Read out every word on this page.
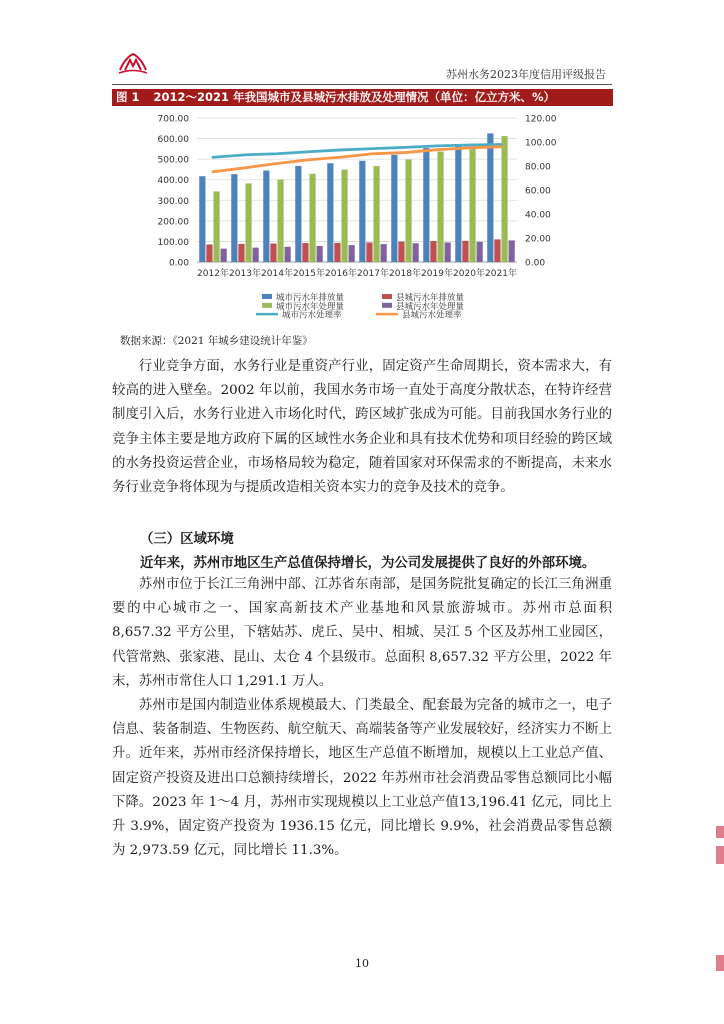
苏州水务2023年度信用评级报告
图 1 2012～2021 年我国城市及县城污水排放及处理情况（单位：亿立方米、%）
0.00
100.00
200.00
300.00
400.00
500.00
600.00
700.00
0.00
20.00
40.00
60.00
80.00
100.00
120.00
2012年 2013年 2014年 2015年 2016年 2017年 2018年 2019年 2020年 2021年
城市污水年排放量	县城污水年排放量
城市污水年处理量	县城污水年处理量
城市污水处理率	县城污水处理率
数据来源：《2021 年城乡建设统计年鉴》

行业竞争方面，水务行业是重资产行业，固定资产生命周期长，资本需求大，有较高的进入壁垒。2002 年以前，我国水务市场一直处于高度分散状态，在特许经营制度引入后，水务行业进入市场化时代，跨区域扩张成为可能。目前我国水务行业的竞争主体主要是地方政府下属的区域性水务企业和具有技术优势和项目经验的跨区域的水务投资运营企业，市场格局较为稳定，随着国家对环保需求的不断提高，未来水务行业竞争将体现为与提质改造相关资本实力的竞争及技术的竞争。

（三）区域环境
近年来，苏州市地区生产总值保持增长，为公司发展提供了良好的外部环境。

苏州市位于长江三角洲中部、江苏省东南部，是国务院批复确定的长江三角洲重要的中心城市之一、国家高新技术产业基地和风景旅游城市。苏州市总面积 8,657.32 平方公里，下辖姑苏、虎丘、吴中、相城、吴江 5 个区及苏州工业园区，代管常熟、张家港、昆山、太仓 4 个县级市。总面积 8,657.32 平方公里，2022 年末，苏州市常住人口 1,291.1 万人。

苏州市是国内制造业体系规模最大、门类最全、配套最为完备的城市之一，电子信息、装备制造、生物医药、航空航天、高端装备等产业发展较好，经济实力不断上升。近年来，苏州市经济保持增长，地区生产总值不断增加，规模以上工业总产值、固定资产投资及进出口总额持续增长，2022 年苏州市社会消费品零售总额同比小幅下降。2023 年 1～4 月，苏州市实现规模以上工业总产值13,196.41 亿元，同比上升 3.9%，固定资产投资为 1936.15 亿元，同比增长 9.9%，社会消费品零售总额为 2,973.59 亿元，同比增长 11.3%。

10
